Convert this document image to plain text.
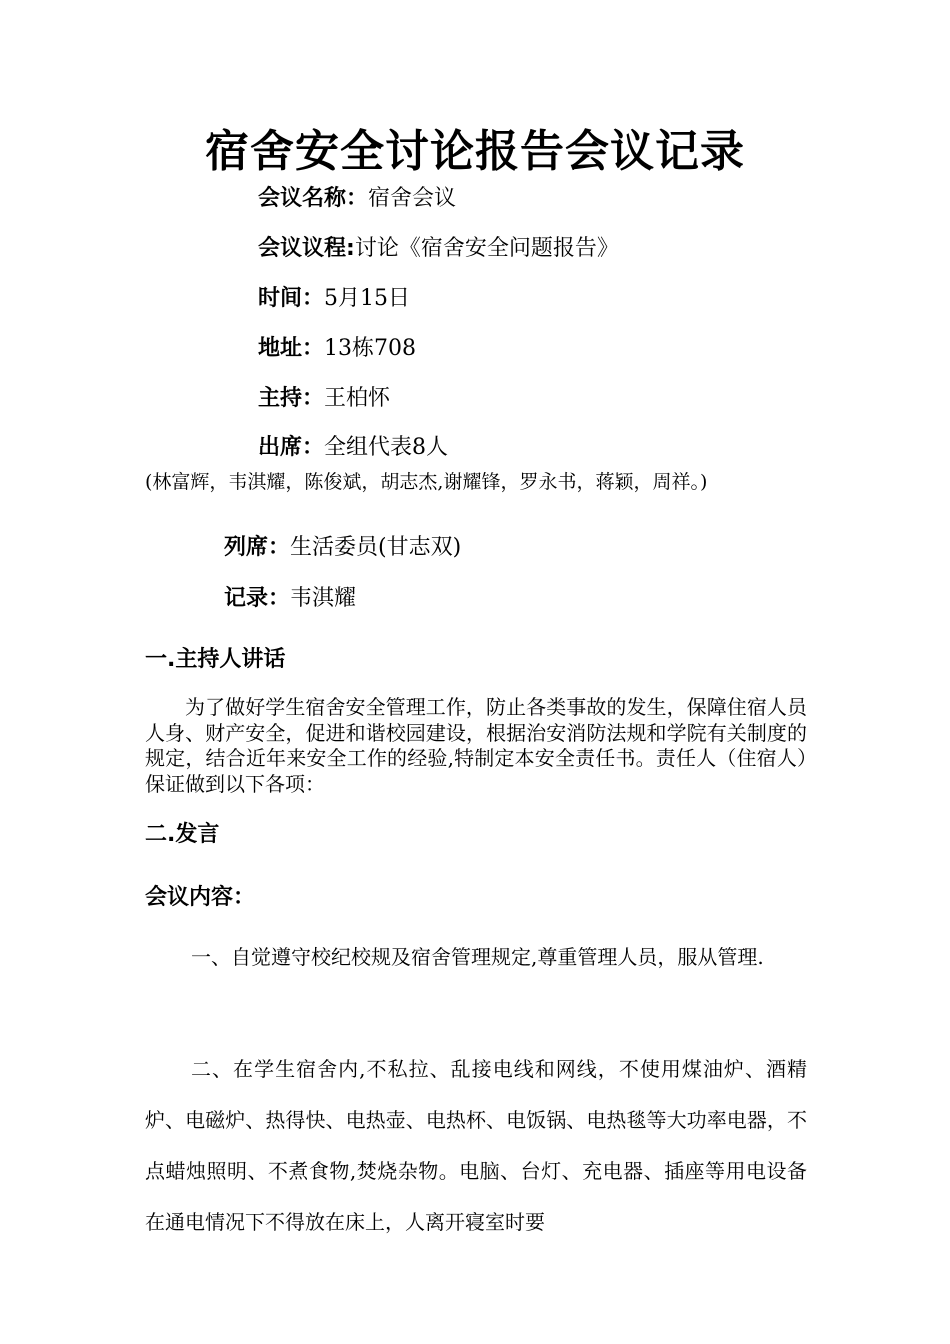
宿舍安全讨论报告会议记录
会议名称：宿舍会议
会议议程:讨论《宿舍安全问题报告》
时间：5月15日
地址：13栋708
主持：王柏怀
出席：全组代表8人
(林富辉，韦淇耀，陈俊斌，胡志杰,谢耀锋，罗永书，蒋颖，周祥。)
列席：生活委员(甘志双)
记录：韦淇耀
一.主持人讲话
为了做好学生宿舍安全管理工作，防止各类事故的发生，保障住宿人员人身、财产安全，促进和谐校园建设，根据治安消防法规和学院有关制度的规定，结合近年来安全工作的经验,特制定本安全责任书。责任人（住宿人）保证做到以下各项：
二.发言
会议内容：
一、自觉遵守校纪校规及宿舍管理规定,尊重管理人员，服从管理.
二、在学生宿舍内,不私拉、乱接电线和网线，不使用煤油炉、酒精炉、电磁炉、热得快、电热壶、电热杯、电饭锅、电热毯等大功率电器，不点蜡烛照明、不煮食物,焚烧杂物。电脑、台灯、充电器、插座等用电设备在通电情况下不得放在床上，人离开寝室时要
